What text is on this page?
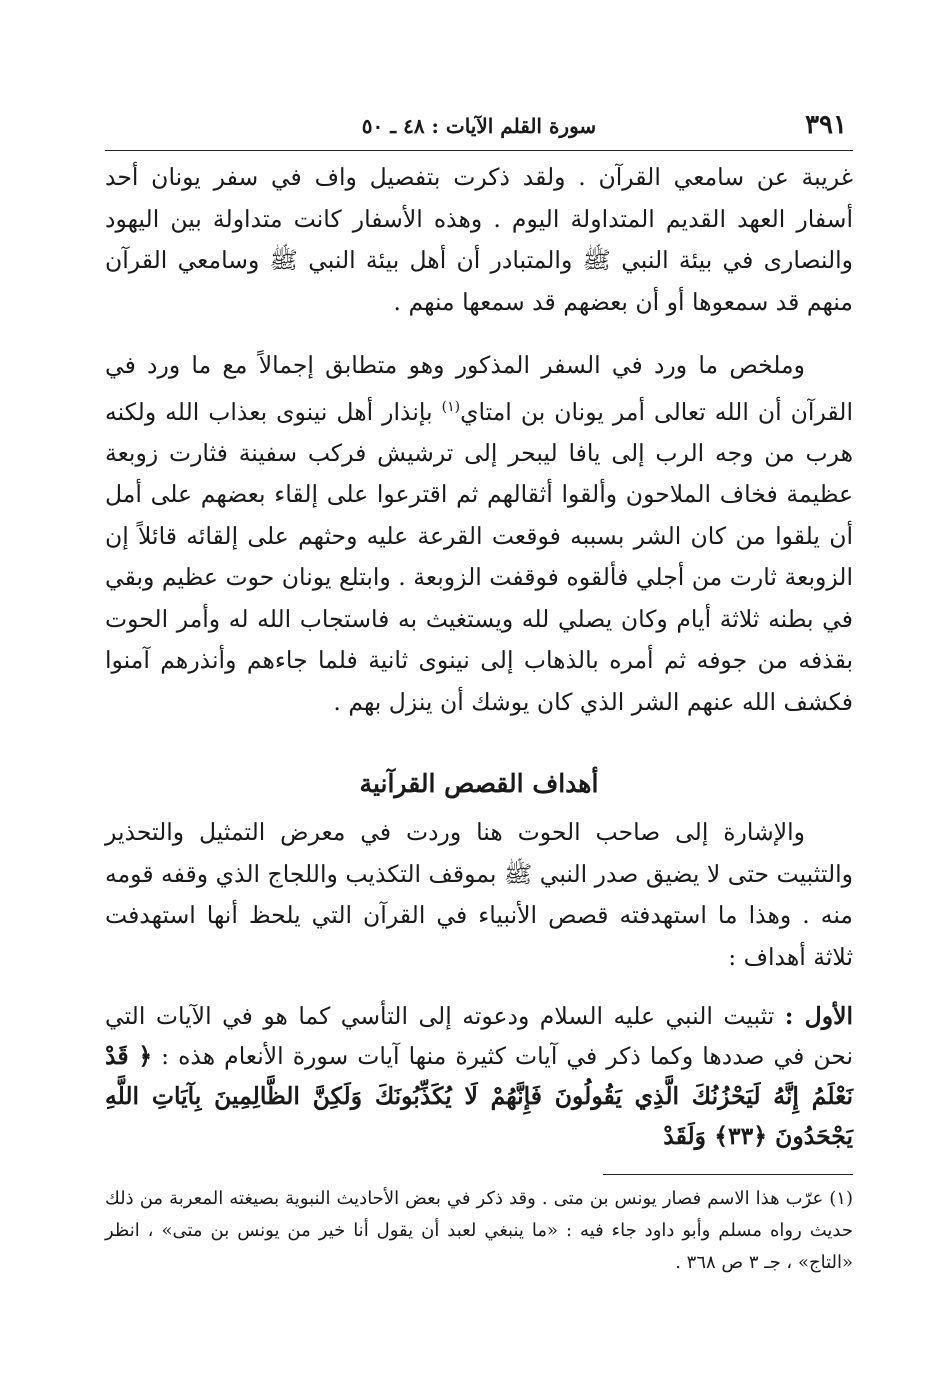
٣٩١
سورة القلم الآيات : ٤٨ ـ ٥٠

غريبة عن سامعي القرآن . ولقد ذكرت بتفصيل واف في سفر يونان أحد أسفار العهد القديم المتداولة اليوم . وهذه الأسفار كانت متداولة بين اليهود والنصارى في بيئة النبي ﷺ والمتبادر أن أهل بيئة النبي ﷺ وسامعي القرآن منهم قد سمعوها أو أن بعضهم قد سمعها منهم .

وملخص ما ورد في السفر المذكور وهو متطابق إجمالاً مع ما ورد في القرآن أن الله تعالى أمر يونان بن امتاي$^{(١)}$ بإنذار أهل نينوى بعذاب الله ولكنه هرب من وجه الرب إلى يافا ليبحر إلى ترشيش فركب سفينة فثارت زوبعة عظيمة فخاف الملاحون وألقوا أثقالهم ثم اقترعوا على إلقاء بعضهم على أمل أن يلقوا من كان الشر بسببه فوقعت القرعة عليه وحثهم على إلقائه قائلاً إن الزوبعة ثارت من أجلي فألقوه فوقفت الزوبعة . وابتلع يونان حوت عظيم وبقي في بطنه ثلاثة أيام وكان يصلي لله ويستغيث به فاستجاب الله له وأمر الحوت بقذفه من جوفه ثم أمره بالذهاب إلى نينوى ثانية فلما جاءهم وأنذرهم آمنوا فكشف الله عنهم الشر الذي كان يوشك أن ينزل بهم .

أهداف القصص القرآنية

والإشارة إلى صاحب الحوت هنا وردت في معرض التمثيل والتحذير والتثبيت حتى لا يضيق صدر النبي ﷺ بموقف التكذيب واللجاج الذي وقفه قومه منه . وهذا ما استهدفته قصص الأنبياء في القرآن التي يلحظ أنها استهدفت ثلاثة أهداف :

الأول : تثبيت النبي عليه السلام ودعوته إلى التأسي كما هو في الآيات التي نحن في صددها وكما ذكر في آيات كثيرة منها آيات سورة الأنعام هذه : ﴿ قَدْ نَعْلَمُ إِنَّهُ لَيَحْزُنُكَ الَّذِي يَقُولُونَ فَإِنَّهُمْ لَا يُكَذِّبُونَكَ وَلَكِنَّ الظَّالِمِينَ بِآيَاتِ اللَّهِ يَجْحَدُونَ ﴿٣٣﴾ وَلَقَدْ

(١) عرّب هذا الاسم فصار يونس بن متى . وقد ذكر في بعض الأحاديث النبوية بصيغته المعربة من ذلك حديث رواه مسلم وأبو داود جاء فيه : «ما ينبغي لعبد أن يقول أنا خير من يونس بن متى» ، انظر «التاج» ، جـ ٣ ص ٣٦٨ .
